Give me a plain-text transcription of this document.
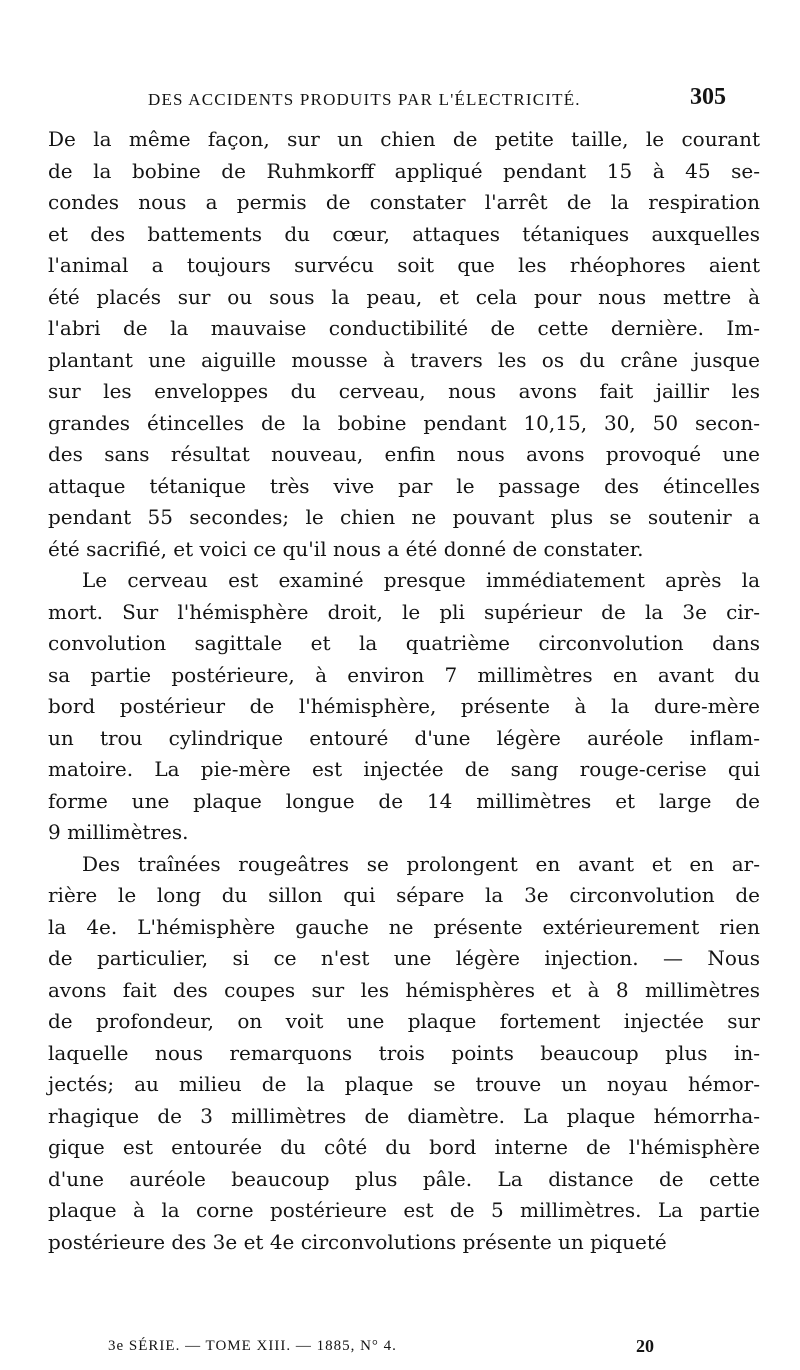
DES ACCIDENTS PRODUITS PAR L'ÉLECTRICITÉ.	305
De la même façon, sur un chien de petite taille, le courant
de la bobine de Ruhmkorff appliqué pendant 15 à 45 se-
condes nous a permis de constater l'arrêt de la respiration
et des battements du cœur, attaques tétaniques auxquelles
l'animal a toujours survécu soit que les rhéophores aient
été placés sur ou sous la peau, et cela pour nous mettre à
l'abri de la mauvaise conductibilité de cette dernière. Im-
plantant une aiguille mousse à travers les os du crâne jusque
sur les enveloppes du cerveau, nous avons fait jaillir les
grandes étincelles de la bobine pendant 10,15, 30, 50 secon-
des sans résultat nouveau, enfin nous avons provoqué une
attaque tétanique très vive par le passage des étincelles
pendant 55 secondes; le chien ne pouvant plus se soutenir a
été sacrifié, et voici ce qu'il nous a été donné de constater.
Le cerveau est examiné presque immédiatement après la
mort. Sur l'hémisphère droit, le pli supérieur de la 3e cir-
convolution sagittale et la quatrième circonvolution dans
sa partie postérieure, à environ 7 millimètres en avant du
bord postérieur de l'hémisphère, présente à la dure-mère
un trou cylindrique entouré d'une légère auréole inflam-
matoire. La pie-mère est injectée de sang rouge-cerise qui
forme une plaque longue de 14 millimètres et large de
9 millimètres.
Des traînées rougeâtres se prolongent en avant et en ar-
rière le long du sillon qui sépare la 3e circonvolution de
la 4e. L'hémisphère gauche ne présente extérieurement rien
de particulier, si ce n'est une légère injection. — Nous
avons fait des coupes sur les hémisphères et à 8 millimètres
de profondeur, on voit une plaque fortement injectée sur
laquelle nous remarquons trois points beaucoup plus in-
jectés; au milieu de la plaque se trouve un noyau hémor-
rhagique de 3 millimètres de diamètre. La plaque hémorrha-
gique est entourée du côté du bord interne de l'hémisphère
d'une auréole beaucoup plus pâle. La distance de cette
plaque à la corne postérieure est de 5 millimètres. La partie
postérieure des 3e et 4e circonvolutions présente un piqueté
3e SÉRIE. — TOME XIII. — 1885, N° 4.	20
